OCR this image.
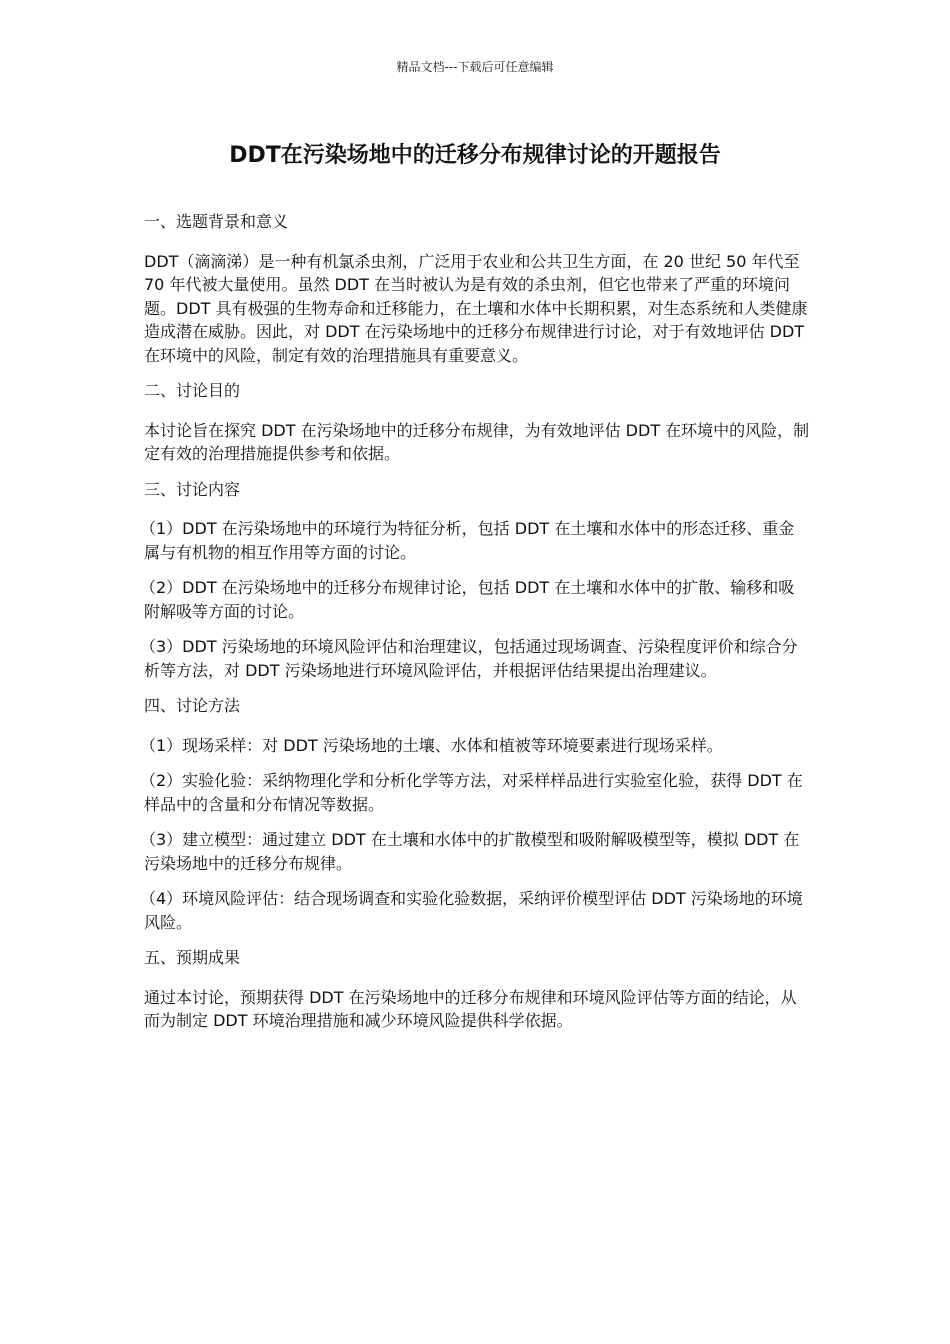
精品文档---下载后可任意编辑
DDT在污染场地中的迁移分布规律讨论的开题报告

一、选题背景和意义

DDT（滴滴涕）是一种有机氯杀虫剂，广泛用于农业和公共卫生方面，在 20 世纪 50 年代至 70 年代被大量使用。虽然 DDT 在当时被认为是有效的杀虫剂，但它也带来了严重的环境问题。DDT 具有极强的生物寿命和迁移能力，在土壤和水体中长期积累，对生态系统和人类健康造成潜在威胁。因此，对 DDT 在污染场地中的迁移分布规律进行讨论，对于有效地评估 DDT 在环境中的风险，制定有效的治理措施具有重要意义。

二、讨论目的

本讨论旨在探究 DDT 在污染场地中的迁移分布规律，为有效地评估 DDT 在环境中的风险，制定有效的治理措施提供参考和依据。

三、讨论内容

（1）DDT 在污染场地中的环境行为特征分析，包括 DDT 在土壤和水体中的形态迁移、重金属与有机物的相互作用等方面的讨论。

（2）DDT 在污染场地中的迁移分布规律讨论，包括 DDT 在土壤和水体中的扩散、输移和吸附解吸等方面的讨论。

（3）DDT 污染场地的环境风险评估和治理建议，包括通过现场调查、污染程度评价和综合分析等方法，对 DDT 污染场地进行环境风险评估，并根据评估结果提出治理建议。

四、讨论方法

（1）现场采样：对 DDT 污染场地的土壤、水体和植被等环境要素进行现场采样。

（2）实验化验：采纳物理化学和分析化学等方法，对采样样品进行实验室化验，获得 DDT 在样品中的含量和分布情况等数据。

（3）建立模型：通过建立 DDT 在土壤和水体中的扩散模型和吸附解吸模型等，模拟 DDT 在污染场地中的迁移分布规律。

（4）环境风险评估：结合现场调查和实验化验数据，采纳评价模型评估 DDT 污染场地的环境风险。

五、预期成果

通过本讨论，预期获得 DDT 在污染场地中的迁移分布规律和环境风险评估等方面的结论，从而为制定 DDT 环境治理措施和减少环境风险提供科学依据。
